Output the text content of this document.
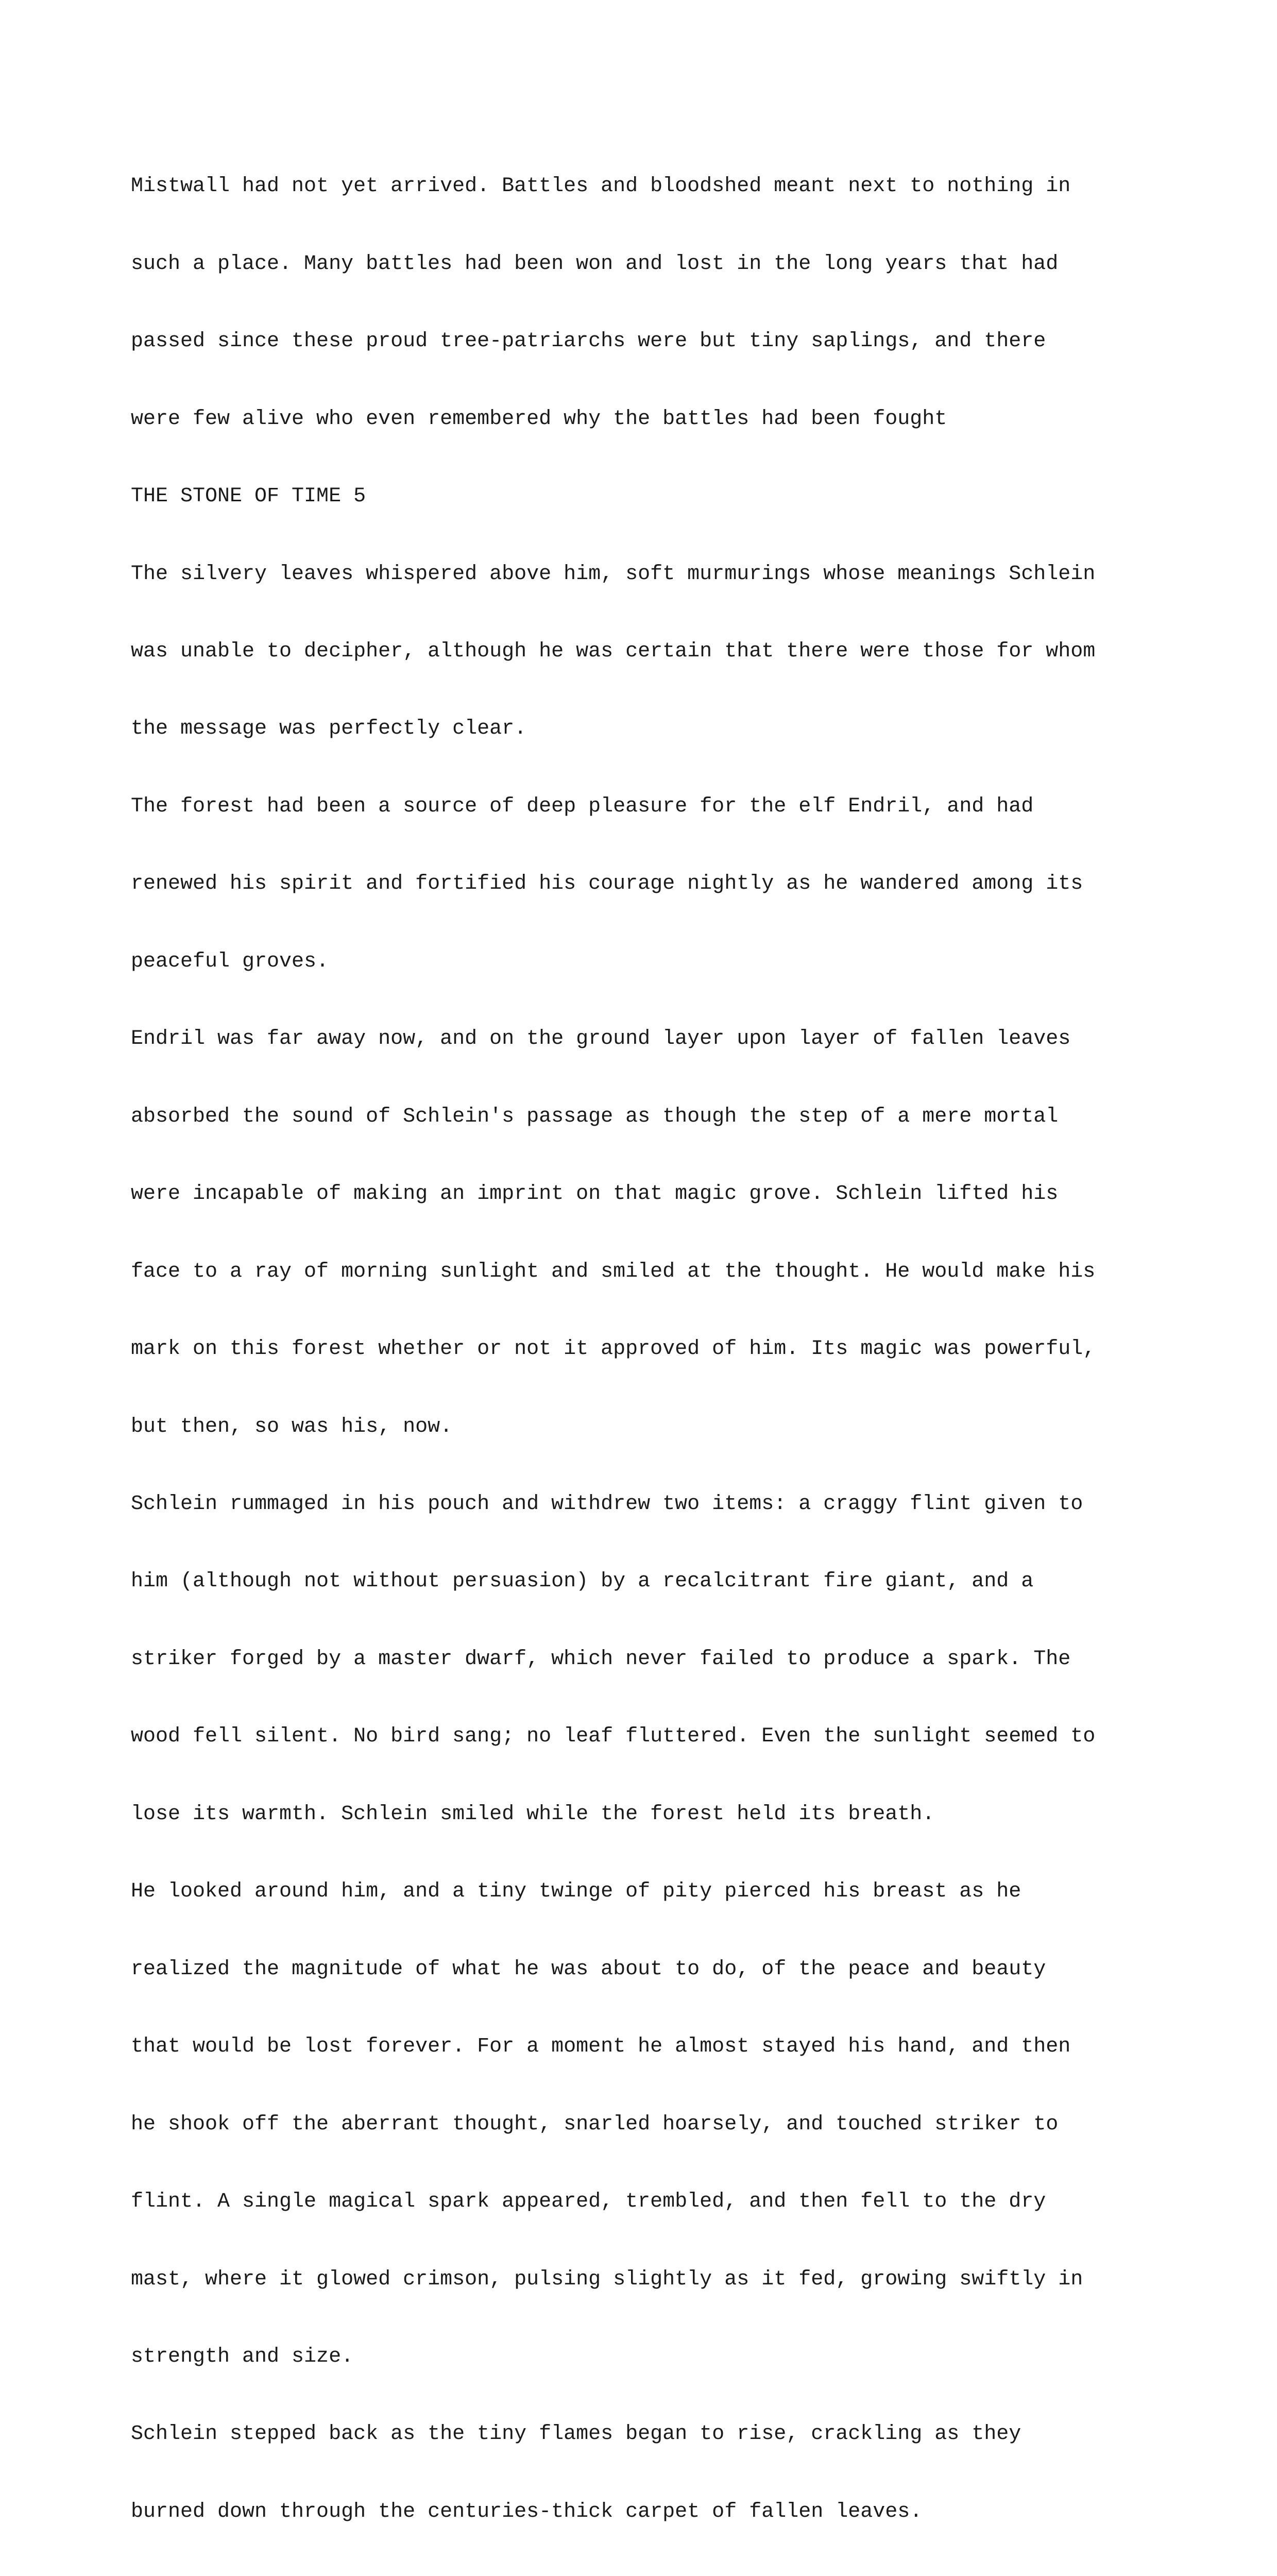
Mistwall had not yet arrived. Battles and bloodshed meant next to nothing in

such a place. Many battles had been won and lost in the long years that had

passed since these proud tree-patriarchs were but tiny saplings, and there

were few alive who even remembered why the battles had been fought

THE STONE OF TIME 5

The silvery leaves whispered above him, soft murmurings whose meanings Schlein

was unable to decipher, although he was certain that there were those for whom

the message was perfectly clear.

The forest had been a source of deep pleasure for the elf Endril, and had

renewed his spirit and fortified his courage nightly as he wandered among its

peaceful groves.

Endril was far away now, and on the ground layer upon layer of fallen leaves

absorbed the sound of Schlein's passage as though the step of a mere mortal

were incapable of making an imprint on that magic grove. Schlein lifted his

face to a ray of morning sunlight and smiled at the thought. He would make his

mark on this forest whether or not it approved of him. Its magic was powerful,

but then, so was his, now.

Schlein rummaged in his pouch and withdrew two items: a craggy flint given to

him (although not without persuasion) by a recalcitrant fire giant, and a

striker forged by a master dwarf, which never failed to produce a spark. The

wood fell silent. No bird sang; no leaf fluttered. Even the sunlight seemed to

lose its warmth. Schlein smiled while the forest held its breath.

He looked around him, and a tiny twinge of pity pierced his breast as he

realized the magnitude of what he was about to do, of the peace and beauty

that would be lost forever. For a moment he almost stayed his hand, and then

he shook off the aberrant thought, snarled hoarsely, and touched striker to

flint. A single magical spark appeared, trembled, and then fell to the dry

mast, where it glowed crimson, pulsing slightly as it fed, growing swiftly in

strength and size.

Schlein stepped back as the tiny flames began to rise, crackling as they

burned down through the centuries-thick carpet of fallen leaves.
